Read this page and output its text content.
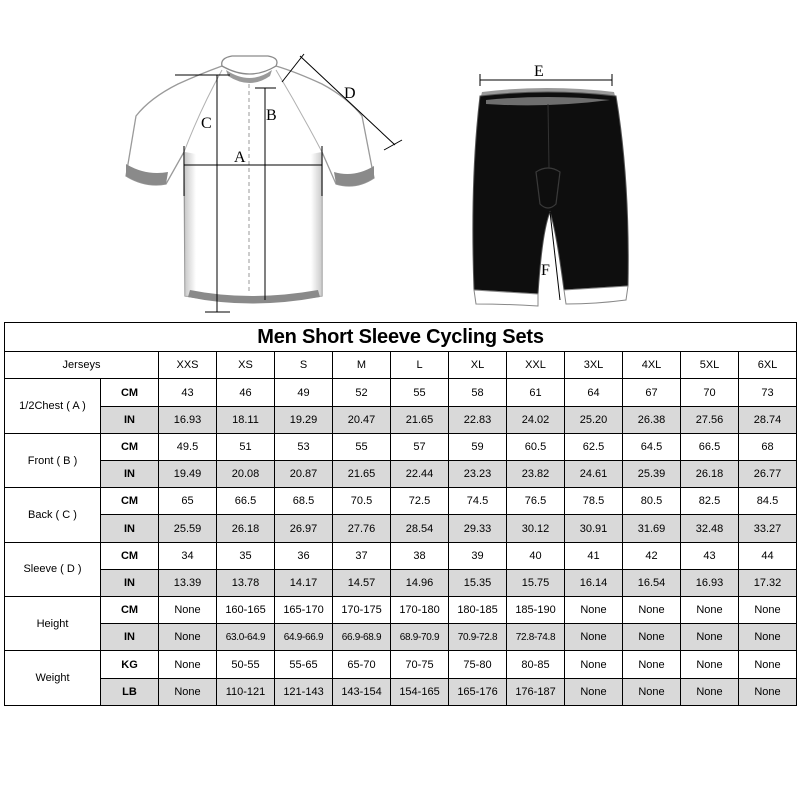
A
B
C
D
E
F
Men Short Sleeve Cycling Sets												
Jerseys		XXS	XS	S	M	L	XL	XXL	3XL	4XL	5XL	6XL
1/2Chest ( A )	CM	43	46	49	52	55	58	61	64	67	70	73
	IN	16.93	18.11	19.29	20.47	21.65	22.83	24.02	25.20	26.38	27.56	28.74
Front ( B )	CM	49.5	51	53	55	57	59	60.5	62.5	64.5	66.5	68
	IN	19.49	20.08	20.87	21.65	22.44	23.23	23.82	24.61	25.39	26.18	26.77
Back ( C )	CM	65	66.5	68.5	70.5	72.5	74.5	76.5	78.5	80.5	82.5	84.5
	IN	25.59	26.18	26.97	27.76	28.54	29.33	30.12	30.91	31.69	32.48	33.27
Sleeve ( D )	CM	34	35	36	37	38	39	40	41	42	43	44
	IN	13.39	13.78	14.17	14.57	14.96	15.35	15.75	16.14	16.54	16.93	17.32
Height	CM	None	160-165	165-170	170-175	170-180	180-185	185-190	None	None	None	None
	IN	None	63.0-64.9	64.9-66.9	66.9-68.9	68.9-70.9	70.9-72.8	72.8-74.8	None	None	None	None
Weight	KG	None	50-55	55-65	65-70	70-75	75-80	80-85	None	None	None	None
	LB	None	110-121	121-143	143-154	154-165	165-176	176-187	None	None	None	None
